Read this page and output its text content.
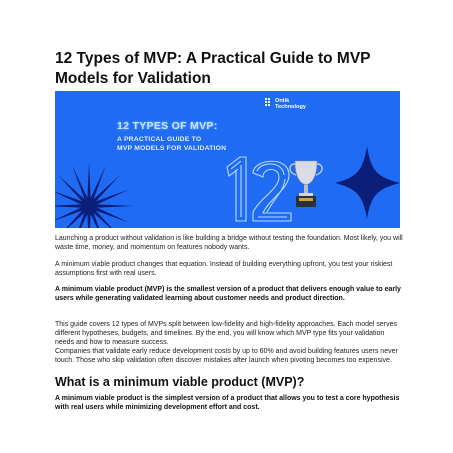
12 Types of MVP: A Practical Guide to MVP Models for Validation
Ontik
Technology
12 TYPES OF MVP:
A PRACTICAL GUIDE TO
MVP MODELS FOR VALIDATION
Launching a product without validation is like building a bridge without testing the foundation. Most likely, you will waste time, money, and momentum on features nobody wants.
A minimum viable product changes that equation. Instead of building everything upfront, you test your riskiest assumptions first with real users.
A minimum viable product (MVP) is the smallest version of a product that delivers enough value to early users while generating validated learning about customer needs and product direction.
This guide covers 12 types of MVPs split between low-fidelity and high-fidelity approaches. Each model serves different hypotheses, budgets, and timelines. By the end, you will know which MVP type fits your validation needs and how to measure success.
Companies that validate early reduce development costs by up to 60% and avoid building features users never touch. Those who skip validation often discover mistakes after launch when pivoting becomes too expensive.
What is a minimum viable product (MVP)?
A minimum viable product is the simplest version of a product that allows you to test a core hypothesis with real users while minimizing development effort and cost.
